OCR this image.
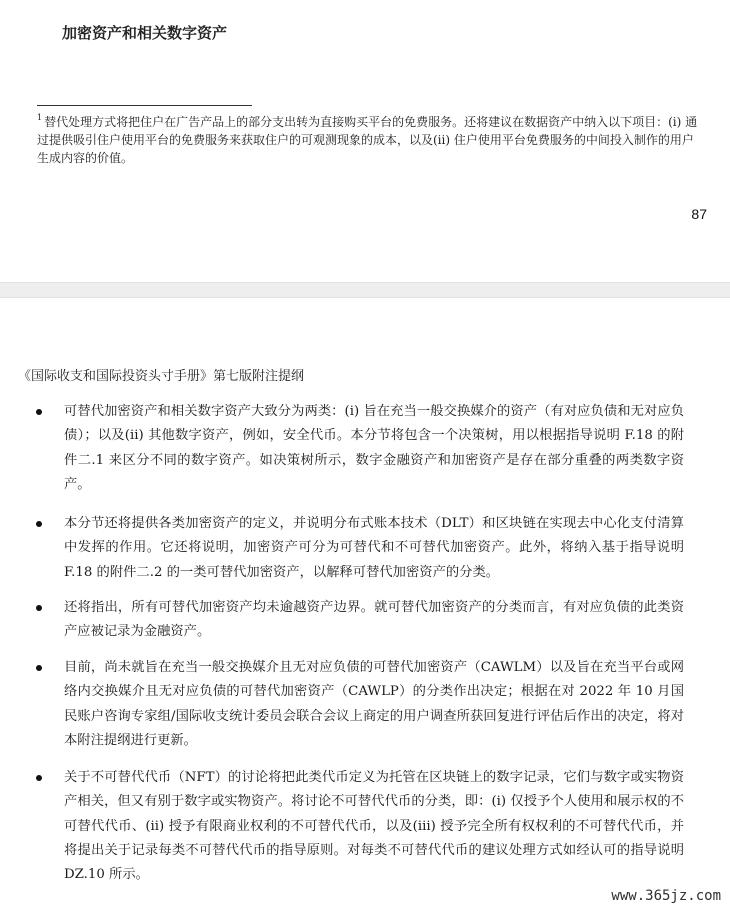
加密资产和相关数字资产
$^1$ 替代处理方式将把住户在广告产品上的部分支出转为直接购买平台的免费服务。还将建议在数据资产中纳入以下项目：(i) 通过提供吸引住户使用平台的免费服务来获取住户的可观测现象的成本，以及(ii) 住户使用平台免费服务的中间投入制作的用户生成内容的价值。
87
《国际收支和国际投资头寸手册》第七版附注提纲
可替代加密资产和相关数字资产大致分为两类：(i) 旨在充当一般交换媒介的资产（有对应负债和无对应负债）；以及(ii) 其他数字资产，例如，安全代币。本分节将包含一个决策树，用以根据指导说明 F.18 的附件二.1 来区分不同的数字资产。如决策树所示，数字金融资产和加密资产是存在部分重叠的两类数字资产。
本分节还将提供各类加密资产的定义，并说明分布式账本技术（DLT）和区块链在实现去中心化支付清算中发挥的作用。它还将说明，加密资产可分为可替代和不可替代加密资产。此外，将纳入基于指导说明 F.18 的附件二.2 的一类可替代加密资产，以解释可替代加密资产的分类。
还将指出，所有可替代加密资产均未逾越资产边界。就可替代加密资产的分类而言，有对应负债的此类资产应被记录为金融资产。
目前，尚未就旨在充当一般交换媒介且无对应负债的可替代加密资产（CAWLM）以及旨在充当平台或网络内交换媒介且无对应负债的可替代加密资产（CAWLP）的分类作出决定；根据在对 2022 年 10 月国民账户咨询专家组/国际收支统计委员会联合会议上商定的用户调查所获回复进行评估后作出的决定，将对本附注提纲进行更新。
关于不可替代代币（NFT）的讨论将把此类代币定义为托管在区块链上的数字记录，它们与数字或实物资产相关，但又有别于数字或实物资产。将讨论不可替代代币的分类，即：(i) 仅授予个人使用和展示权的不可替代代币、(ii) 授予有限商业权利的不可替代代币，以及(iii) 授予完全所有权权利的不可替代代币，并将提出关于记录每类不可替代代币的指导原则。对每类不可替代代币的建议处理方式如经认可的指导说明 DZ.10 所示。
www.365jz.com
